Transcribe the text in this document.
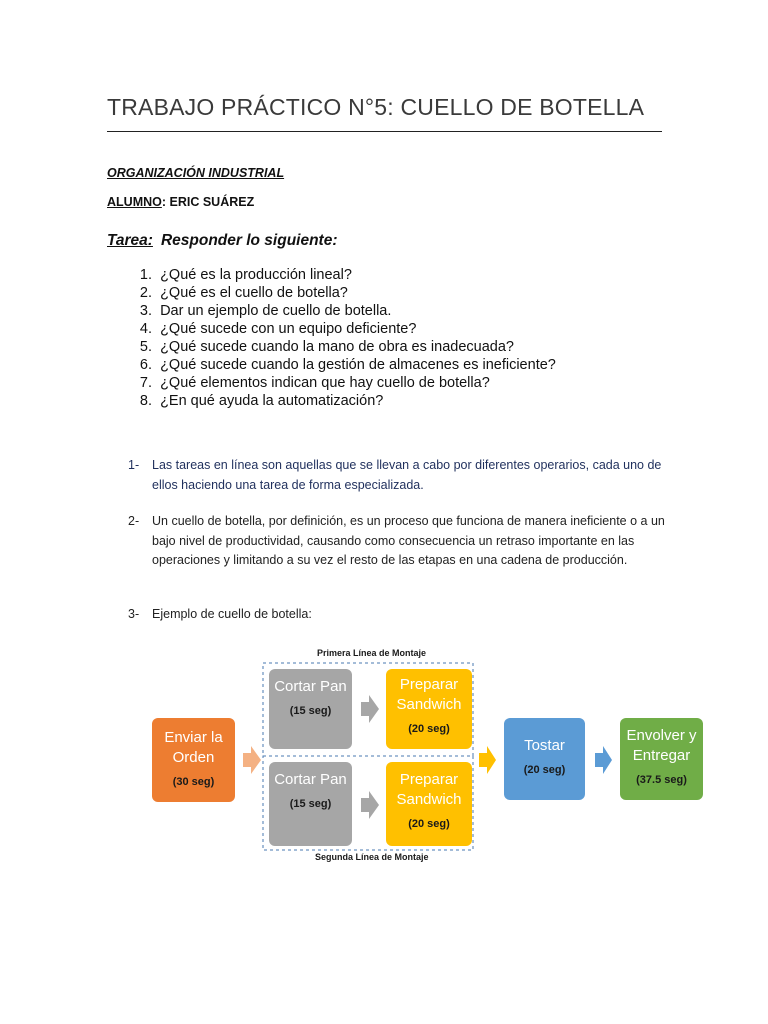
TRABAJO PRÁCTICO N°5: CUELLO DE BOTELLA
ORGANIZACIÓN INDUSTRIAL
ALUMNO: ERIC SUÁREZ
Tarea: Responder lo siguiente:
1.
¿Qué es la producción lineal?
2.
¿Qué es el cuello de botella?
3.
Dar un ejemplo de cuello de botella.
4.
¿Qué sucede con un equipo deficiente?
5.
¿Qué sucede cuando la mano de obra es inadecuada?
6.
¿Qué sucede cuando la gestión de almacenes es ineficiente?
7.
¿Qué elementos indican que hay cuello de botella?
8.
¿En qué ayuda la automatización?
1-	Las tareas en línea son aquellas que se llevan a cabo por diferentes operarios, cada uno de ellos haciendo una tarea de forma especializada.
2-	Un cuello de botella, por definición, es un proceso que funciona de manera ineficiente o a un bajo nivel de productividad, causando como consecuencia un retraso importante en las operaciones y limitando a su vez el resto de las etapas en una cadena de producción.
3-	Ejemplo de cuello de botella:
Primera Línea de Montaje
Segunda Línea de Montaje
Enviar la
Orden
(30 seg)
Cortar Pan
(15 seg)
Preparar
Sandwich
(20 seg)
Cortar Pan
(15 seg)
Preparar
Sandwich
(20 seg)
Tostar
(20 seg)
Envolver y
Entregar
(37.5 seg)
